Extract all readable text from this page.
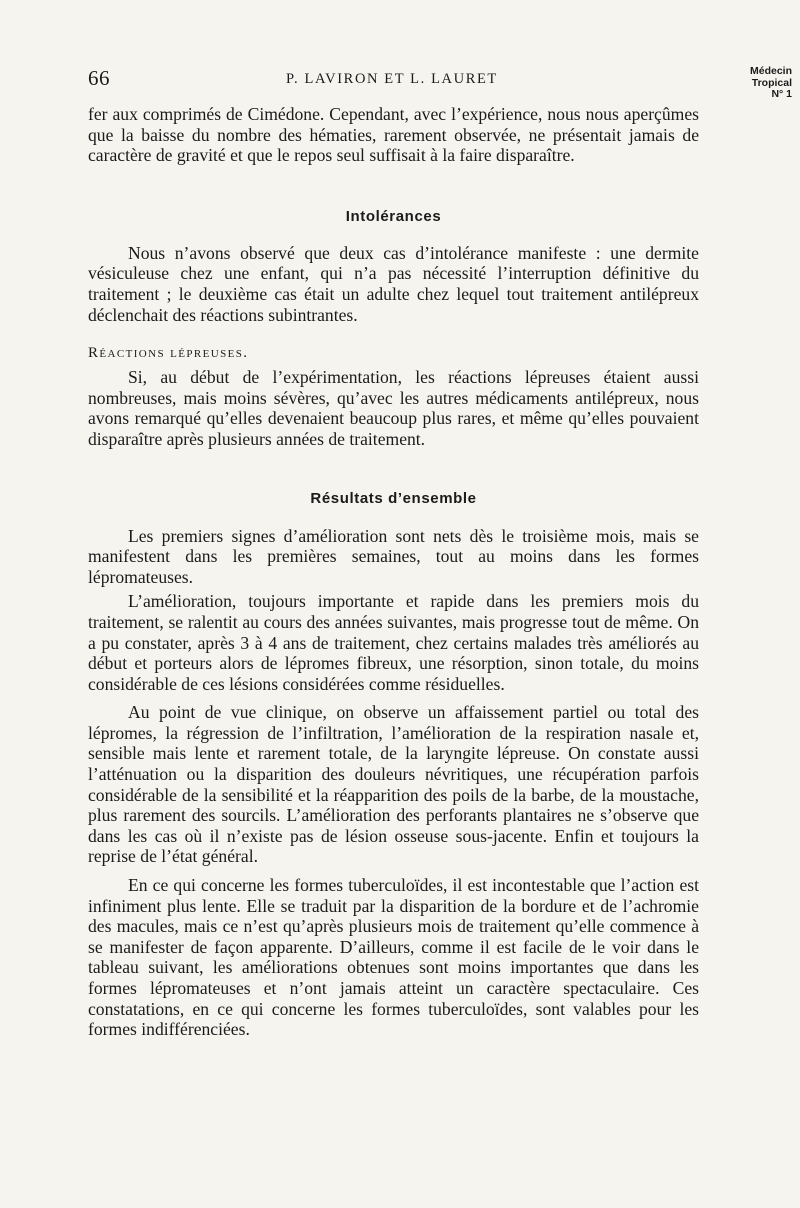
66	P. LAVIRON ET L. LAURET	Médecin
Tropical
N° 1

fer aux comprimés de Cimédone. Cependant, avec l’expérience, nous nous aperçûmes que la baisse du nombre des hématies, rarement observée, ne présentait jamais de caractère de gravité et que le repos seul suffisait à la faire disparaître.

Intolérances

Nous n’avons observé que deux cas d’intolérance manifeste : une dermite vésiculeuse chez une enfant, qui n’a pas nécessité l’interruption définitive du traitement ; le deuxième cas était un adulte chez lequel tout traitement antilépreux déclenchait des réactions subintrantes.

Réactions lépreuses.

Si, au début de l’expérimentation, les réactions lépreuses étaient aussi nombreuses, mais moins sévères, qu’avec les autres médicaments antilépreux, nous avons remarqué qu’elles devenaient beaucoup plus rares, et même qu’elles pouvaient disparaître après plusieurs années de traitement.

Résultats d’ensemble

Les premiers signes d’amélioration sont nets dès le troisième mois, mais se manifestent dans les premières semaines, tout au moins dans les formes lépromateuses.

L’amélioration, toujours importante et rapide dans les premiers mois du traitement, se ralentit au cours des années suivantes, mais progresse tout de même. On a pu constater, après 3 à 4 ans de traitement, chez certains malades très améliorés au début et porteurs alors de lépromes fibreux, une résorption, sinon totale, du moins considérable de ces lésions considérées comme résiduelles.

Au point de vue clinique, on observe un affaissement partiel ou total des lépromes, la régression de l’infiltration, l’amélioration de la respiration nasale et, sensible mais lente et rarement totale, de la laryngite lépreuse. On constate aussi l’atténuation ou la disparition des douleurs névritiques, une récupération parfois considérable de la sensibilité et la réapparition des poils de la barbe, de la moustache, plus rarement des sourcils. L’amélioration des perforants plantaires ne s’observe que dans les cas où il n’existe pas de lésion osseuse sous-jacente. Enfin et toujours la reprise de l’état général.

En ce qui concerne les formes tuberculoïdes, il est incontestable que l’action est infiniment plus lente. Elle se traduit par la disparition de la bordure et de l’achromie des macules, mais ce n’est qu’après plusieurs mois de traitement qu’elle commence à se manifester de façon apparente. D’ailleurs, comme il est facile de le voir dans le tableau suivant, les améliorations obtenues sont moins importantes que dans les formes lépromateuses et n’ont jamais atteint un caractère spectaculaire. Ces constatations, en ce qui concerne les formes tuberculoïdes, sont valables pour les formes indifférenciées.
